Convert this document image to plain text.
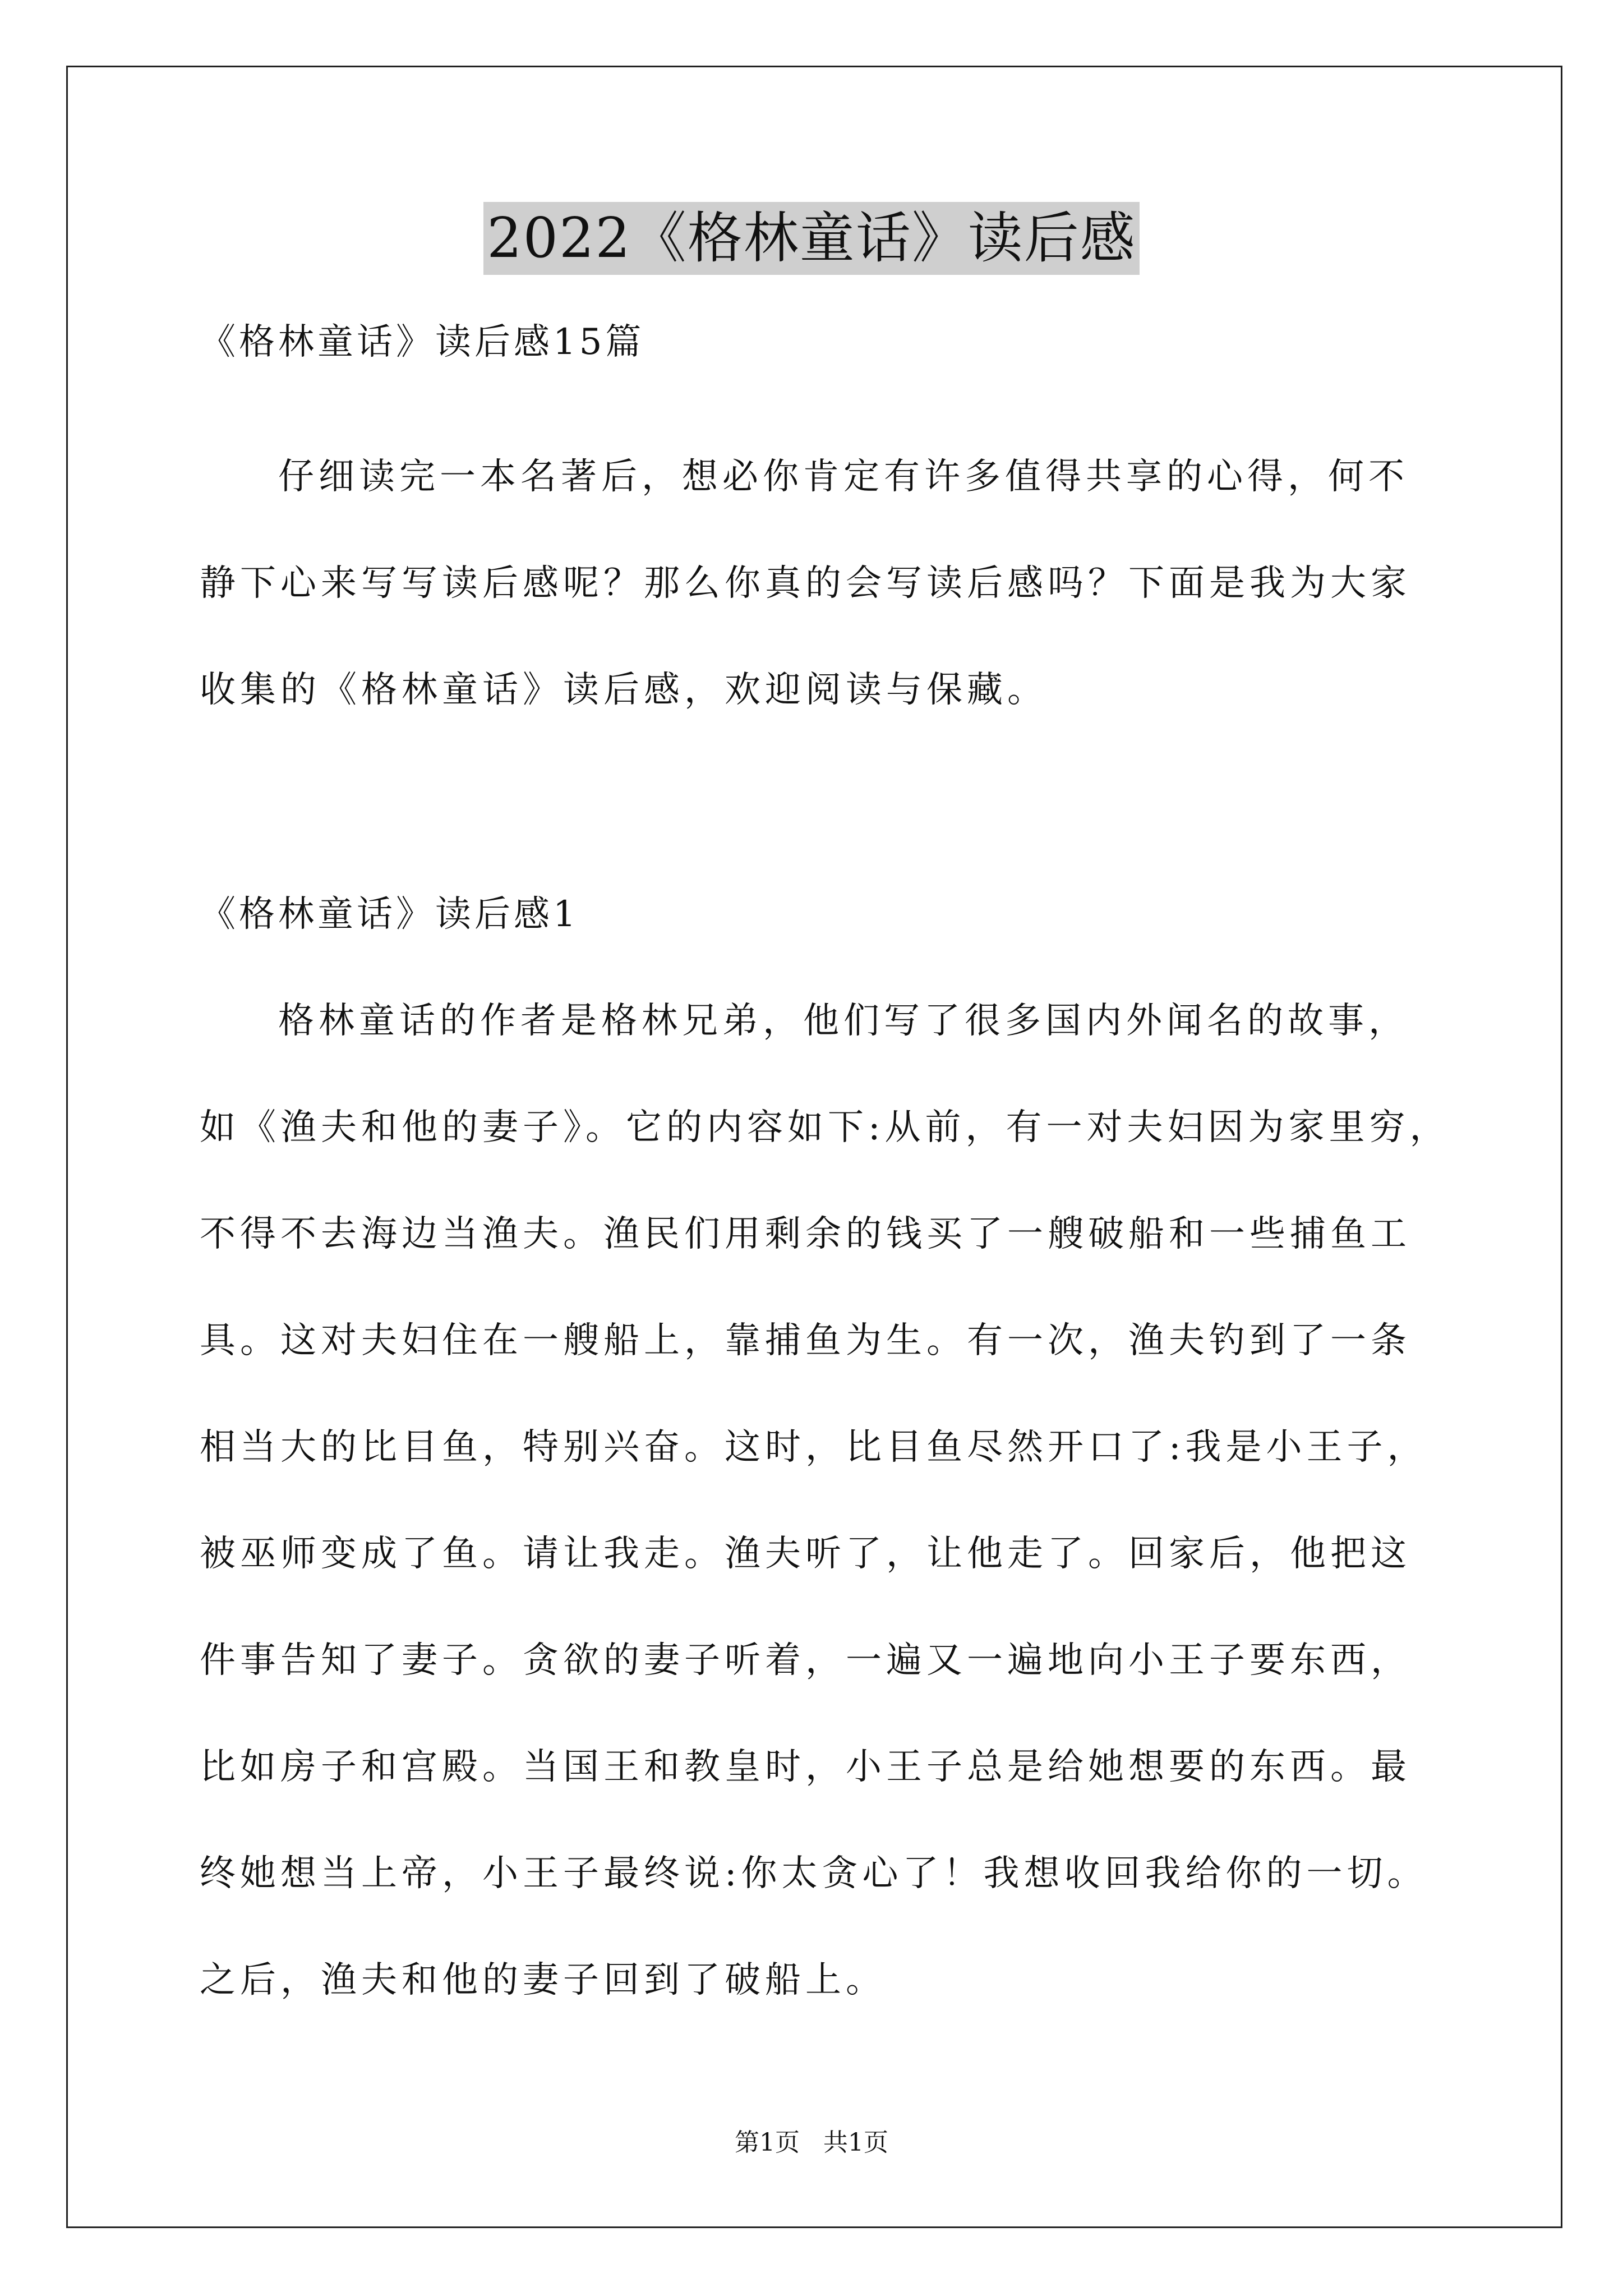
2022《格林童话》读后感
《格林童话》读后感15篇
仔细读完一本名著后，想必你肯定有许多值得共享的心得，何不
静下心来写写读后感呢？那么你真的会写读后感吗？下面是我为大家
收集的《格林童话》读后感，欢迎阅读与保藏。
《格林童话》读后感1
格林童话的作者是格林兄弟，他们写了很多国内外闻名的故事，
如《渔夫和他的妻子》。它的内容如下:从前，有一对夫妇因为家里穷，
不得不去海边当渔夫。渔民们用剩余的钱买了一艘破船和一些捕鱼工
具。这对夫妇住在一艘船上，靠捕鱼为生。有一次，渔夫钓到了一条
相当大的比目鱼，特别兴奋。这时，比目鱼尽然开口了:我是小王子，
被巫师变成了鱼。请让我走。渔夫听了，让他走了。回家后，他把这
件事告知了妻子。贪欲的妻子听着，一遍又一遍地向小王子要东西，
比如房子和宫殿。当国王和教皇时，小王子总是给她想要的东西。最
终她想当上帝，小王子最终说:你太贪心了！我想收回我给你的一切。
之后，渔夫和他的妻子回到了破船上。
第1页   共1页
